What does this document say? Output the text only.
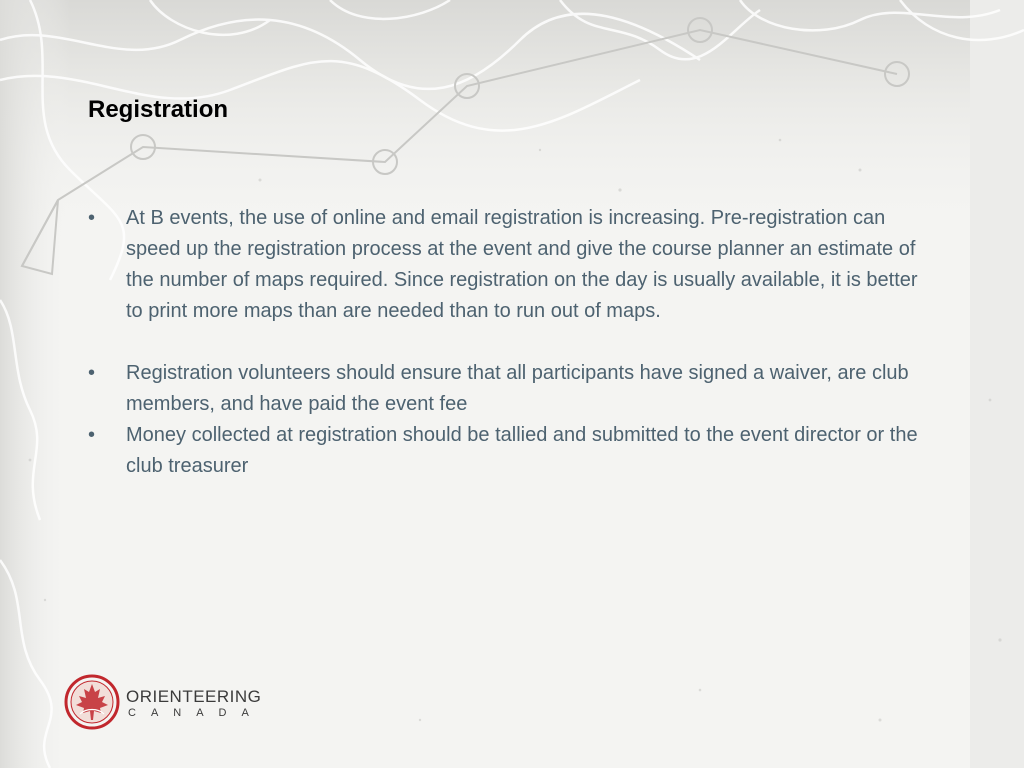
Registration
• At B events, the use of online and email registration is increasing. Pre-registration can speed up the registration process at the event and give the course planner an estimate of the number of maps required. Since registration on the day is usually available, it is better to print more maps than are needed than to run out of maps.
• Registration volunteers should ensure that all participants have signed a waiver, are club members, and have paid the event fee
• Money collected at registration should be tallied and submitted to the event director or the club treasurer
ORIENTEERING
CANADA
